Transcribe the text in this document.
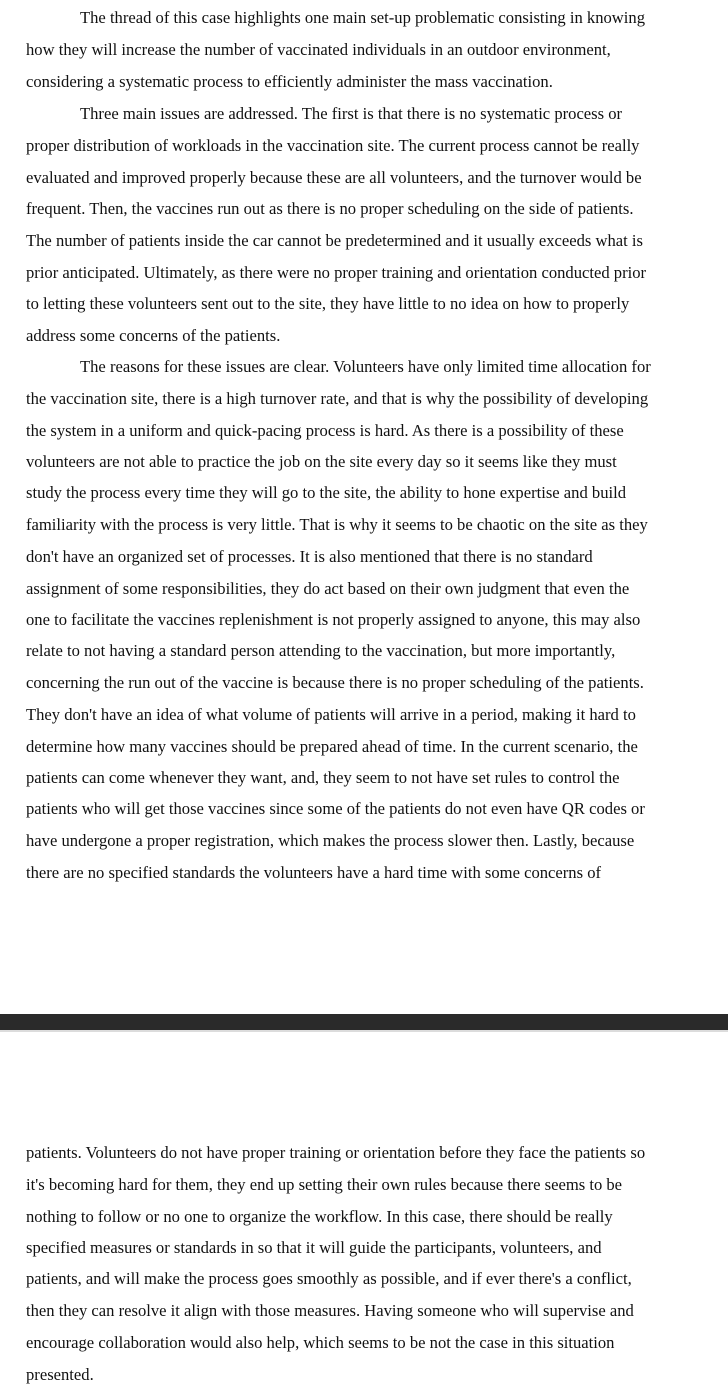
The thread of this case highlights one main set-up problematic consisting in knowing
how they will increase the number of vaccinated individuals in an outdoor environment,
considering a systematic process to efficiently administer the mass vaccination.
Three main issues are addressed. The first is that there is no systematic process or
proper distribution of workloads in the vaccination site. The current process cannot be really
evaluated and improved properly because these are all volunteers, and the turnover would be
frequent. Then, the vaccines run out as there is no proper scheduling on the side of patients.
The number of patients inside the car cannot be predetermined and it usually exceeds what is
prior anticipated. Ultimately, as there were no proper training and orientation conducted prior
to letting these volunteers sent out to the site, they have little to no idea on how to properly
address some concerns of the patients.
The reasons for these issues are clear. Volunteers have only limited time allocation for
the vaccination site, there is a high turnover rate, and that is why the possibility of developing
the system in a uniform and quick-pacing process is hard. As there is a possibility of these
volunteers are not able to practice the job on the site every day so it seems like they must
study the process every time they will go to the site, the ability to hone expertise and build
familiarity with the process is very little. That is why it seems to be chaotic on the site as they
don't have an organized set of processes. It is also mentioned that there is no standard
assignment of some responsibilities, they do act based on their own judgment that even the
one to facilitate the vaccines replenishment is not properly assigned to anyone, this may also
relate to not having a standard person attending to the vaccination, but more importantly,
concerning the run out of the vaccine is because there is no proper scheduling of the patients.
They don't have an idea of what volume of patients will arrive in a period, making it hard to
determine how many vaccines should be prepared ahead of time. In the current scenario, the
patients can come whenever they want, and, they seem to not have set rules to control the
patients who will get those vaccines since some of the patients do not even have QR codes or
have undergone a proper registration, which makes the process slower then. Lastly, because
there are no specified standards the volunteers have a hard time with some concerns of
patients. Volunteers do not have proper training or orientation before they face the patients so
it's becoming hard for them, they end up setting their own rules because there seems to be
nothing to follow or no one to organize the workflow. In this case, there should be really
specified measures or standards in so that it will guide the participants, volunteers, and
patients, and will make the process goes smoothly as possible, and if ever there's a conflict,
then they can resolve it align with those measures. Having someone who will supervise and
encourage collaboration would also help, which seems to be not the case in this situation
presented.
